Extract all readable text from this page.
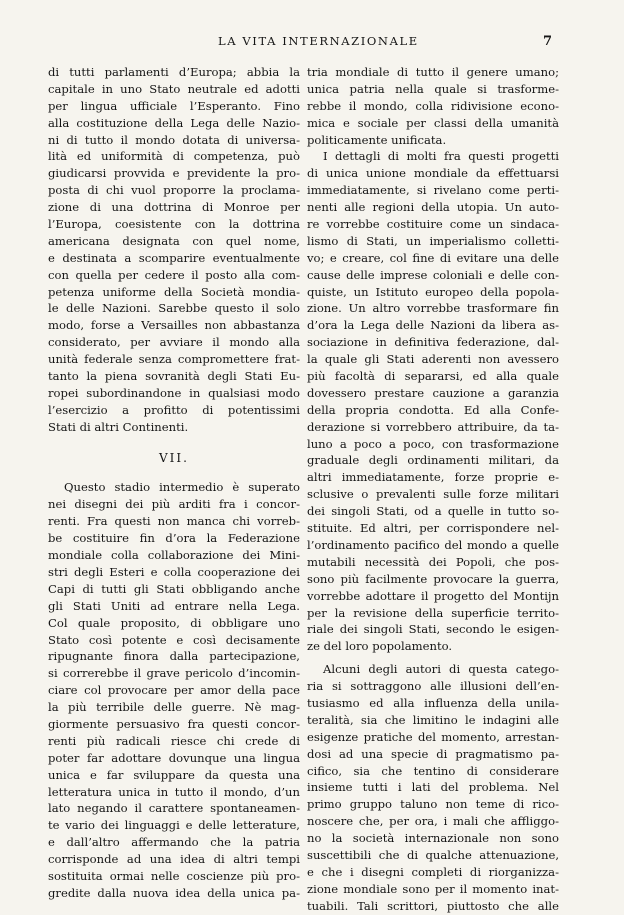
LA VITA INTERNAZIONALE	7
di tutti parlamenti d’Europa; abbia la
capitale in uno Stato neutrale ed adotti
per lingua ufficiale l’Esperanto. Fino
alla costituzione della Lega delle Nazio-
ni di tutto il mondo dotata di universa-
lità ed uniformità di competenza, può
giudicarsi provvida e previdente la pro-
posta di chi vuol proporre la proclama-
zione di una dottrina di Monroe per
l’Europa, coesistente con la dottrina
americana designata con quel nome,
e destinata a scomparire eventualmente
con quella per cedere il posto alla com-
petenza uniforme della Società mondia-
le delle Nazioni. Sarebbe questo il solo
modo, forse a Versailles non abbastanza
considerato, per avviare il mondo alla
unità federale senza compromettere frat-
tanto la piena sovranità degli Stati Eu-
ropei subordinandone in qualsiasi modo
l’esercizio a profitto di potentissimi
Stati di altri Continenti.
VII.
Questo stadio intermedio è superato
nei disegni dei più arditi fra i concor-
renti. Fra questi non manca chi vorreb-
be costituire fin d’ora la Federazione
mondiale colla collaborazione dei Mini-
stri degli Esteri e colla cooperazione dei
Capi di tutti gli Stati obbligando anche
gli Stati Uniti ad entrare nella Lega.
Col quale proposito, di obbligare uno
Stato così potente e così decisamente
ripugnante finora dalla partecipazione,
si correrebbe il grave pericolo d’incomin-
ciare col provocare per amor della pace
la più terribile delle guerre. Nè mag-
giormente persuasivo fra questi concor-
renti più radicali riesce chi crede di
poter far adottare dovunque una lingua
unica e far sviluppare da questa una
letteratura unica in tutto il mondo, d’un
lato negando il carattere spontaneamen-
te vario dei linguaggi e delle letterature,
e dall’altro affermando che la patria
corrisponde ad una idea di altri tempi
sostituita ormai nelle coscienze più pro-
gredite dalla nuova idea della unica pa-
tria mondiale di tutto il genere umano;
unica patria nella quale si trasforme-
rebbe il mondo, colla ridivisione econo-
mica e sociale per classi della umanità
politicamente unificata.
I dettagli di molti fra questi progetti
di unica unione mondiale da effettuarsi
immediatamente, si rivelano come perti-
nenti alle regioni della utopia. Un auto-
re vorrebbe costituire come un sindaca-
lismo di Stati, un imperialismo colletti-
vo; e creare, col fine di evitare una delle
cause delle imprese coloniali e delle con-
quiste, un Istituto europeo della popola-
zione. Un altro vorrebbe trasformare fin
d’ora la Lega delle Nazioni da libera as-
sociazione in definitiva federazione, dal-
la quale gli Stati aderenti non avessero
più facoltà di separarsi, ed alla quale
dovessero prestare cauzione a garanzia
della propria condotta. Ed alla Confe-
derazione si vorrebbero attribuire, da ta-
luno a poco a poco, con trasformazione
graduale degli ordinamenti militari, da
altri immediatamente, forze proprie e-
sclusive o prevalenti sulle forze militari
dei singoli Stati, od a quelle in tutto so-
stituite. Ed altri, per corrispondere nel-
l’ordinamento pacifico del mondo a quelle
mutabili necessità dei Popoli, che pos-
sono più facilmente provocare la guerra,
vorrebbe adottare il progetto del Montijn
per la revisione della superficie territo-
riale dei singoli Stati, secondo le esigen-
ze del loro popolamento.
Alcuni degli autori di questa catego-
ria si sottraggono alle illusioni dell’en-
tusiasmo ed alla influenza della unila-
teralità, sia che limitino le indagini alle
esigenze pratiche del momento, arrestan-
dosi ad una specie di pragmatismo pa-
cifico, sia che tentino di considerare
insieme tutti i lati del problema. Nel
primo gruppo taluno non teme di rico-
noscere che, per ora, i mali che affliggo-
no la società internazionale non sono
suscettibili che di qualche attenuazione,
e che i disegni completi di riorganizza-
zione mondiale sono per il momento inat-
tuabili. Tali scrittori, piuttosto che alle
